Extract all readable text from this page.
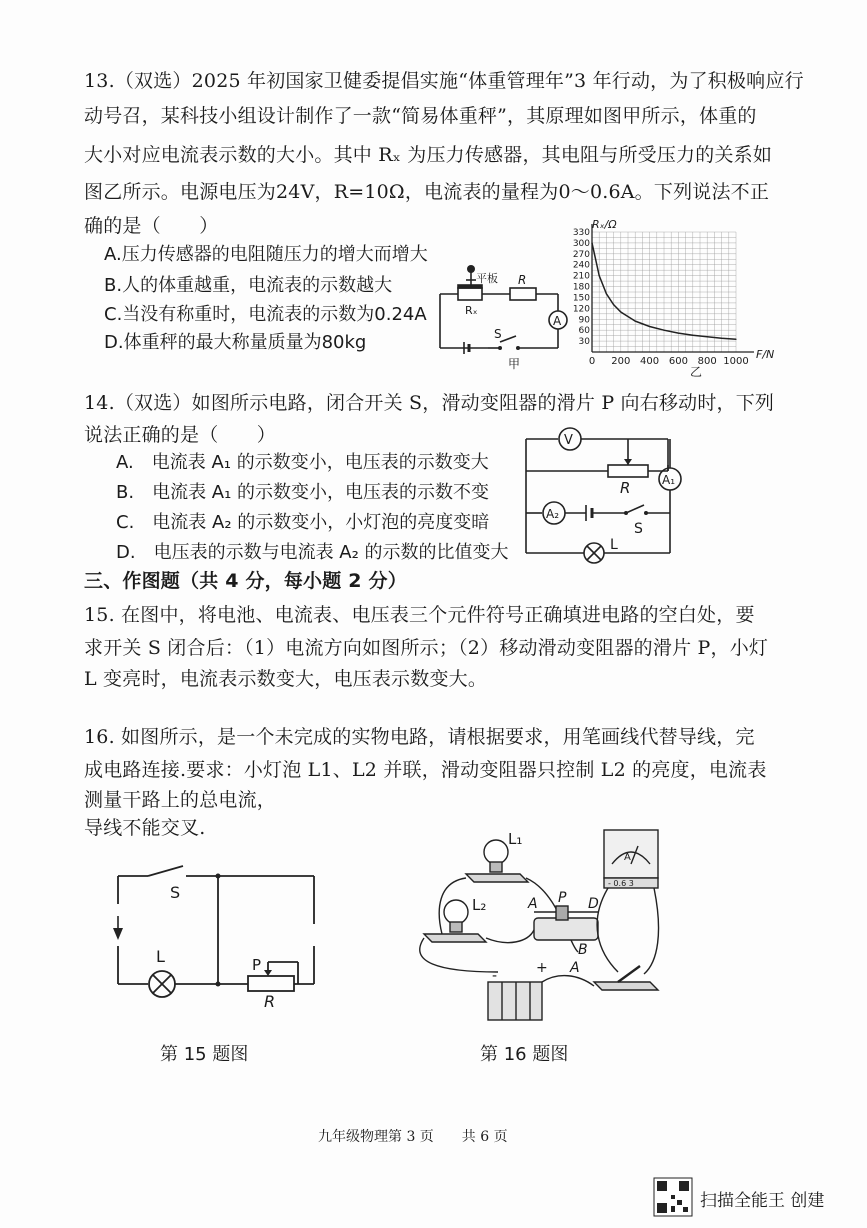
13.（双选）2025 年初国家卫健委提倡实施“体重管理年”3 年行动，为了积极响应行
动号召，某科技小组设计制作了一款“简易体重秤”，其原理如图甲所示，体重的
大小对应电流表示数的大小。其中 Rₓ 为压力传感器，其电阻与所受压力的关系如
图乙所示。电源电压为24V，R=10Ω，电流表的量程为0～0.6A。下列说法不正
确的是（　　）
A.压力传感器的电阻随压力的增大而增大
B.人的体重越重，电流表的示数越大
C.当没有称重时，电流表的示数为0.24A
D.体重秤的最大称量质量为80kg
平板
Rₓ
R
A
S
甲	0 200 400 600 800 1000
30
60
90
120
150
180
210
240
270
300
330
Rₓ/Ω
F/N
乙
14.（双选）如图所示电路，闭合开关 S，滑动变阻器的滑片 P 向右移动时，下列
说法正确的是（　　）
A.　电流表 A₁ 的示数变小，电压表的示数变大
B.　电流表 A₁ 的示数变小，电压表的示数不变
C.　电流表 A₂ 的示数变小，小灯泡的亮度变暗
D.　电压表的示数与电流表 A₂ 的示数的比值变大
V
R	A₁
A₂
S
L
三、作图题（共 4 分，每小题 2 分）
15. 在图中，将电池、电流表、电压表三个元件符号正确填进电路的空白处，要
求开关 S 闭合后：（1）电流方向如图所示；（2）移动滑动变阻器的滑片 P，小灯
L 变亮时，电流表示数变大，电压表示数变大。
16. 如图所示，是一个未完成的实物电路，请根据要求，用笔画线代替导线，完
成电路连接.要求：小灯泡 L1、L2 并联，滑动变阻器只控制 L2 的亮度，电流表
测量干路上的总电流，
导线不能交叉.
S
L	P
R
第 15 题图
L₁
L₂	A P D
B
A
A
- 0.6 3
-	+
第 16 题图
九年级物理第 3 页　　共 6 页
扫描全能王 创建
